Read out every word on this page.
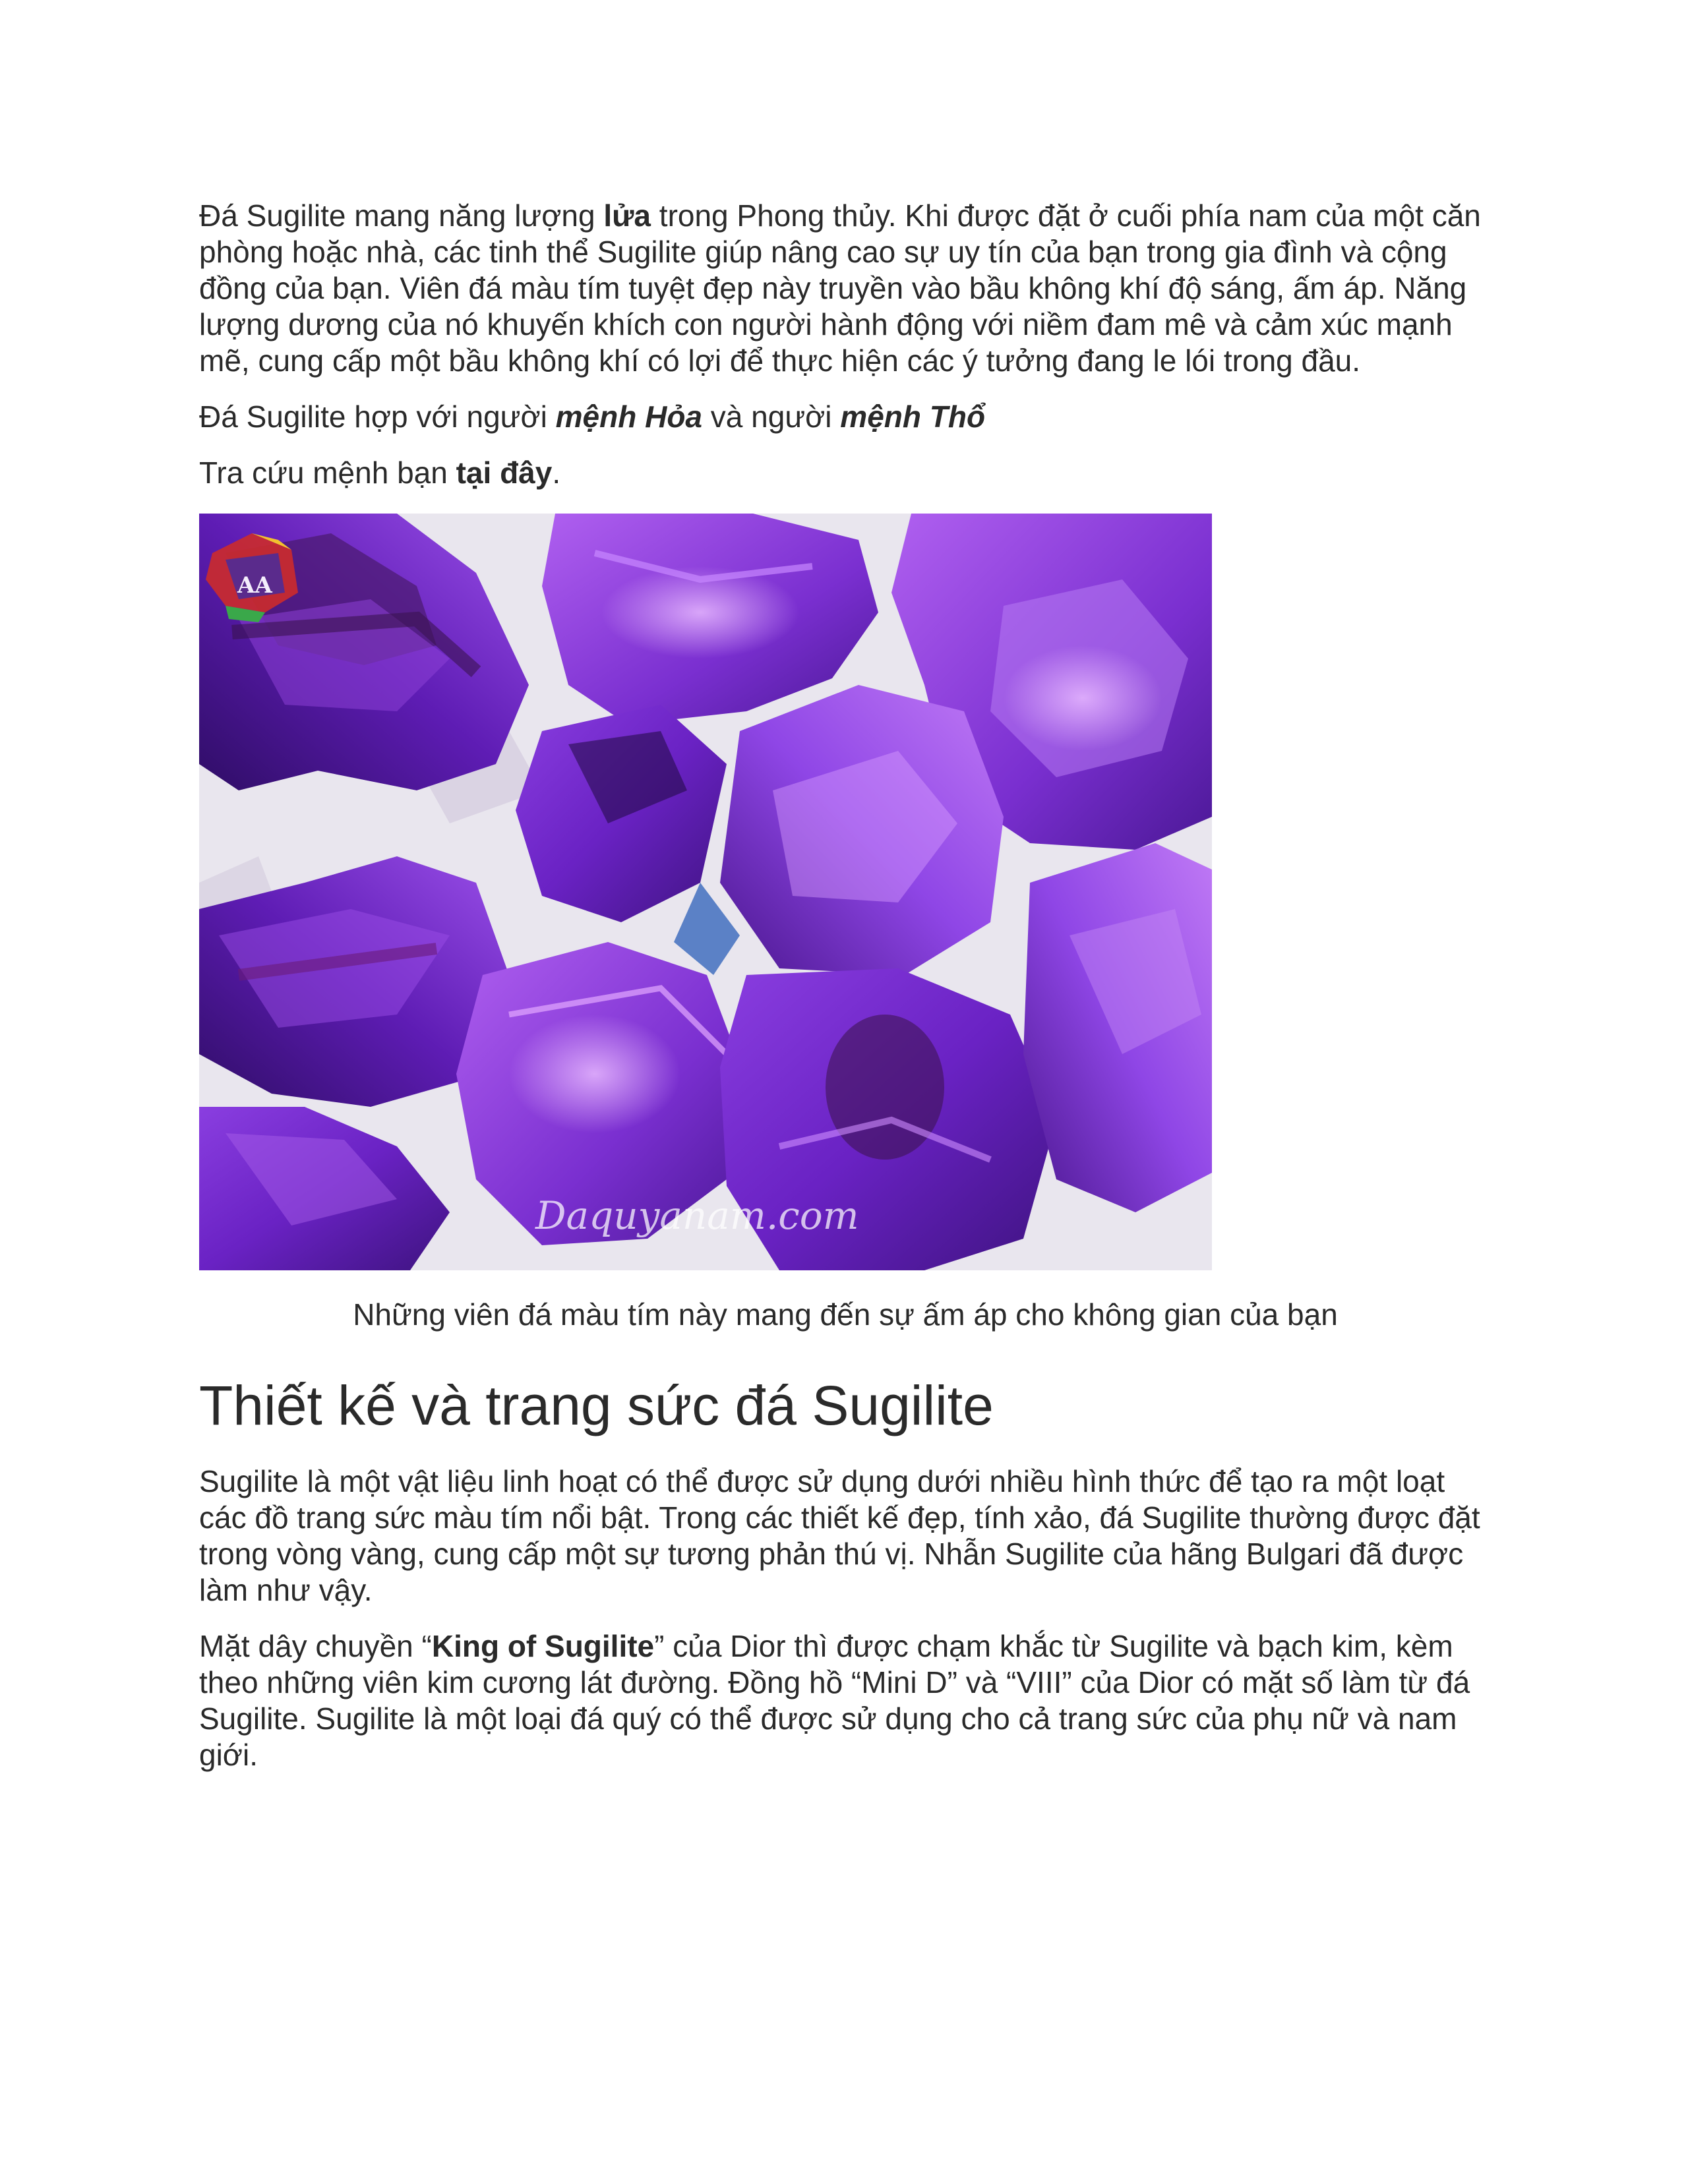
Đá Sugilite mang năng lượng lửa trong Phong thủy. Khi được đặt ở cuối phía nam của một căn phòng hoặc nhà, các tinh thể Sugilite giúp nâng cao sự uy tín của bạn trong gia đình và cộng đồng của bạn. Viên đá màu tím tuyệt đẹp này truyền vào bầu không khí độ sáng, ấm áp. Năng lượng dương của nó khuyến khích con người hành động với niềm đam mê và cảm xúc mạnh mẽ, cung cấp một bầu không khí có lợi để thực hiện các ý tưởng đang le lói trong đầu.

Đá Sugilite hợp với người mệnh Hỏa và người mệnh Thổ

Tra cứu mệnh bạn tại đây.

AA
Daquyanam.com
Những viên đá màu tím này mang đến sự ấm áp cho không gian của bạn
Thiết kế và trang sức đá Sugilite

Sugilite là một vật liệu linh hoạt có thể được sử dụng dưới nhiều hình thức để tạo ra một loạt các đồ trang sức màu tím nổi bật. Trong các thiết kế đẹp, tính xảo, đá Sugilite thường được đặt trong vòng vàng, cung cấp một sự tương phản thú vị. Nhẫn Sugilite của hãng Bulgari đã được làm như vậy.

Mặt dây chuyền “King of Sugilite” của Dior thì được chạm khắc từ Sugilite và bạch kim, kèm theo những viên kim cương lát đường. Đồng hồ “Mini D” và “VIII” của Dior có mặt số làm từ đá Sugilite. Sugilite là một loại đá quý có thể được sử dụng cho cả trang sức của phụ nữ và nam giới.
